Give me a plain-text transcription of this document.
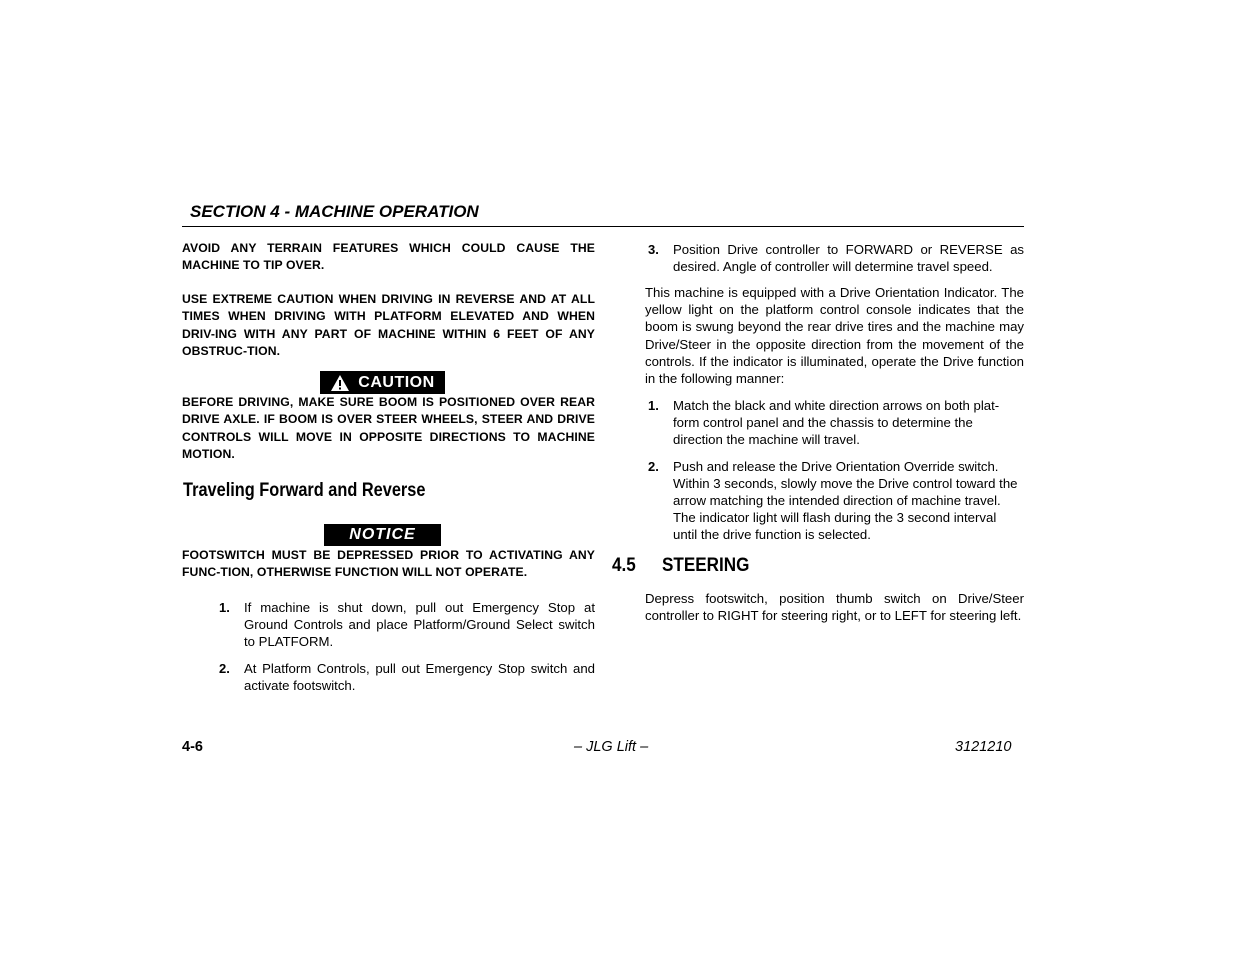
SECTION 4 - MACHINE OPERATION

AVOID ANY TERRAIN FEATURES WHICH COULD CAUSE THE MACHINE TO TIP OVER.

USE EXTREME CAUTION WHEN DRIVING IN REVERSE AND AT ALL TIMES WHEN DRIVING WITH PLATFORM ELEVATED AND WHEN DRIV-ING WITH ANY PART OF MACHINE WITHIN 6 FEET OF ANY OBSTRUC-TION.

CAUTION

BEFORE DRIVING, MAKE SURE BOOM IS POSITIONED OVER REAR DRIVE AXLE. IF BOOM IS OVER STEER WHEELS, STEER AND DRIVE CONTROLS WILL MOVE IN OPPOSITE DIRECTIONS TO MACHINE MOTION.

Traveling Forward and Reverse
NOTICE

FOOTSWITCH MUST BE DEPRESSED PRIOR TO ACTIVATING ANY FUNC-TION, OTHERWISE FUNCTION WILL NOT OPERATE.

1.	If machine is shut down, pull out Emergency Stop at Ground Controls and place Platform/Ground Select switch to PLATFORM.
2.	At Platform Controls, pull out Emergency Stop switch and activate footswitch.
3.	Position Drive controller to FORWARD or REVERSE as desired. Angle of controller will determine travel speed.

This machine is equipped with a Drive Orientation Indicator. The yellow light on the platform control console indicates that the boom is swung beyond the rear drive tires and the machine may Drive/Steer in the opposite direction from the movement of the controls. If the indicator is illuminated, operate the Drive function in the following manner:

1.	Match the black and white direction arrows on both plat-form control panel and the chassis to determine the direction the machine will travel.
2.	Push and release the Drive Orientation Override switch. Within 3 seconds, slowly move the Drive control toward the arrow matching the intended direction of machine travel. The indicator light will flash during the 3 second interval until the drive function is selected.
4.5 STEERING

Depress footswitch, position thumb switch on Drive/Steer controller to RIGHT for steering right, or to LEFT for steering left.

4-6	– JLG Lift –	3121210
